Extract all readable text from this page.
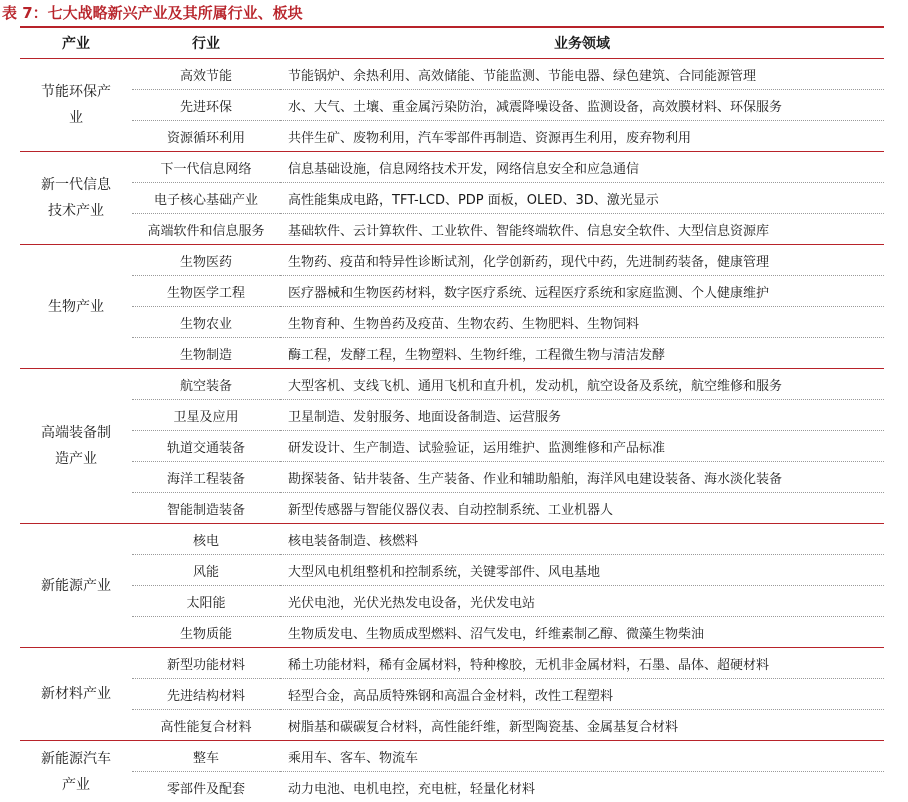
表 7：七大战略新兴产业及其所属行业、板块
产业	行业	业务领域

节能环保产业	高效节能	节能锅炉、余热利用、高效储能、节能监测、节能电器、绿色建筑、合同能源管理
	先进环保	水、大气、土壤、重金属污染防治，减震降噪设备、监测设备，高效膜材料、环保服务
	资源循环利用	共伴生矿、废物利用，汽车零部件再制造、资源再生利用，废弃物利用

新一代信息技术产业	下一代信息网络	信息基础设施，信息网络技术开发，网络信息安全和应急通信
	电子核心基础产业	高性能集成电路，TFT-LCD、PDP 面板，OLED、3D、激光显示
	高端软件和信息服务	基础软件、云计算软件、工业软件、智能终端软件、信息安全软件、大型信息资源库

生物产业	生物医药	生物药、疫苗和特异性诊断试剂，化学创新药，现代中药，先进制药装备，健康管理
	生物医学工程	医疗器械和生物医药材料，数字医疗系统、远程医疗系统和家庭监测、个人健康维护
	生物农业	生物育种、生物兽药及疫苗、生物农药、生物肥料、生物饲料
	生物制造	酶工程，发酵工程，生物塑料、生物纤维，工程微生物与清洁发酵

高端装备制造产业	航空装备	大型客机、支线飞机、通用飞机和直升机，发动机，航空设备及系统，航空维修和服务
	卫星及应用	卫星制造、发射服务、地面设备制造、运营服务
	轨道交通装备	研发设计、生产制造、试验验证，运用维护、监测维修和产品标准
	海洋工程装备	勘探装备、钻井装备、生产装备、作业和辅助船舶，海洋风电建设装备、海水淡化装备
	智能制造装备	新型传感器与智能仪器仪表、自动控制系统、工业机器人

新能源产业	核电	核电装备制造、核燃料
	风能	大型风电机组整机和控制系统，关键零部件、风电基地
	太阳能	光伏电池，光伏光热发电设备，光伏发电站
	生物质能	生物质发电、生物质成型燃料、沼气发电，纤维素制乙醇、微藻生物柴油

新材料产业	新型功能材料	稀土功能材料，稀有金属材料，特种橡胶，无机非金属材料，石墨、晶体、超硬材料
	先进结构材料	轻型合金，高品质特殊钢和高温合金材料，改性工程塑料
	高性能复合材料	树脂基和碳碳复合材料，高性能纤维，新型陶瓷基、金属基复合材料

新能源汽车产业	整车	乘用车、客车、物流车
	零部件及配套	动力电池、电机电控，充电桩，轻量化材料
